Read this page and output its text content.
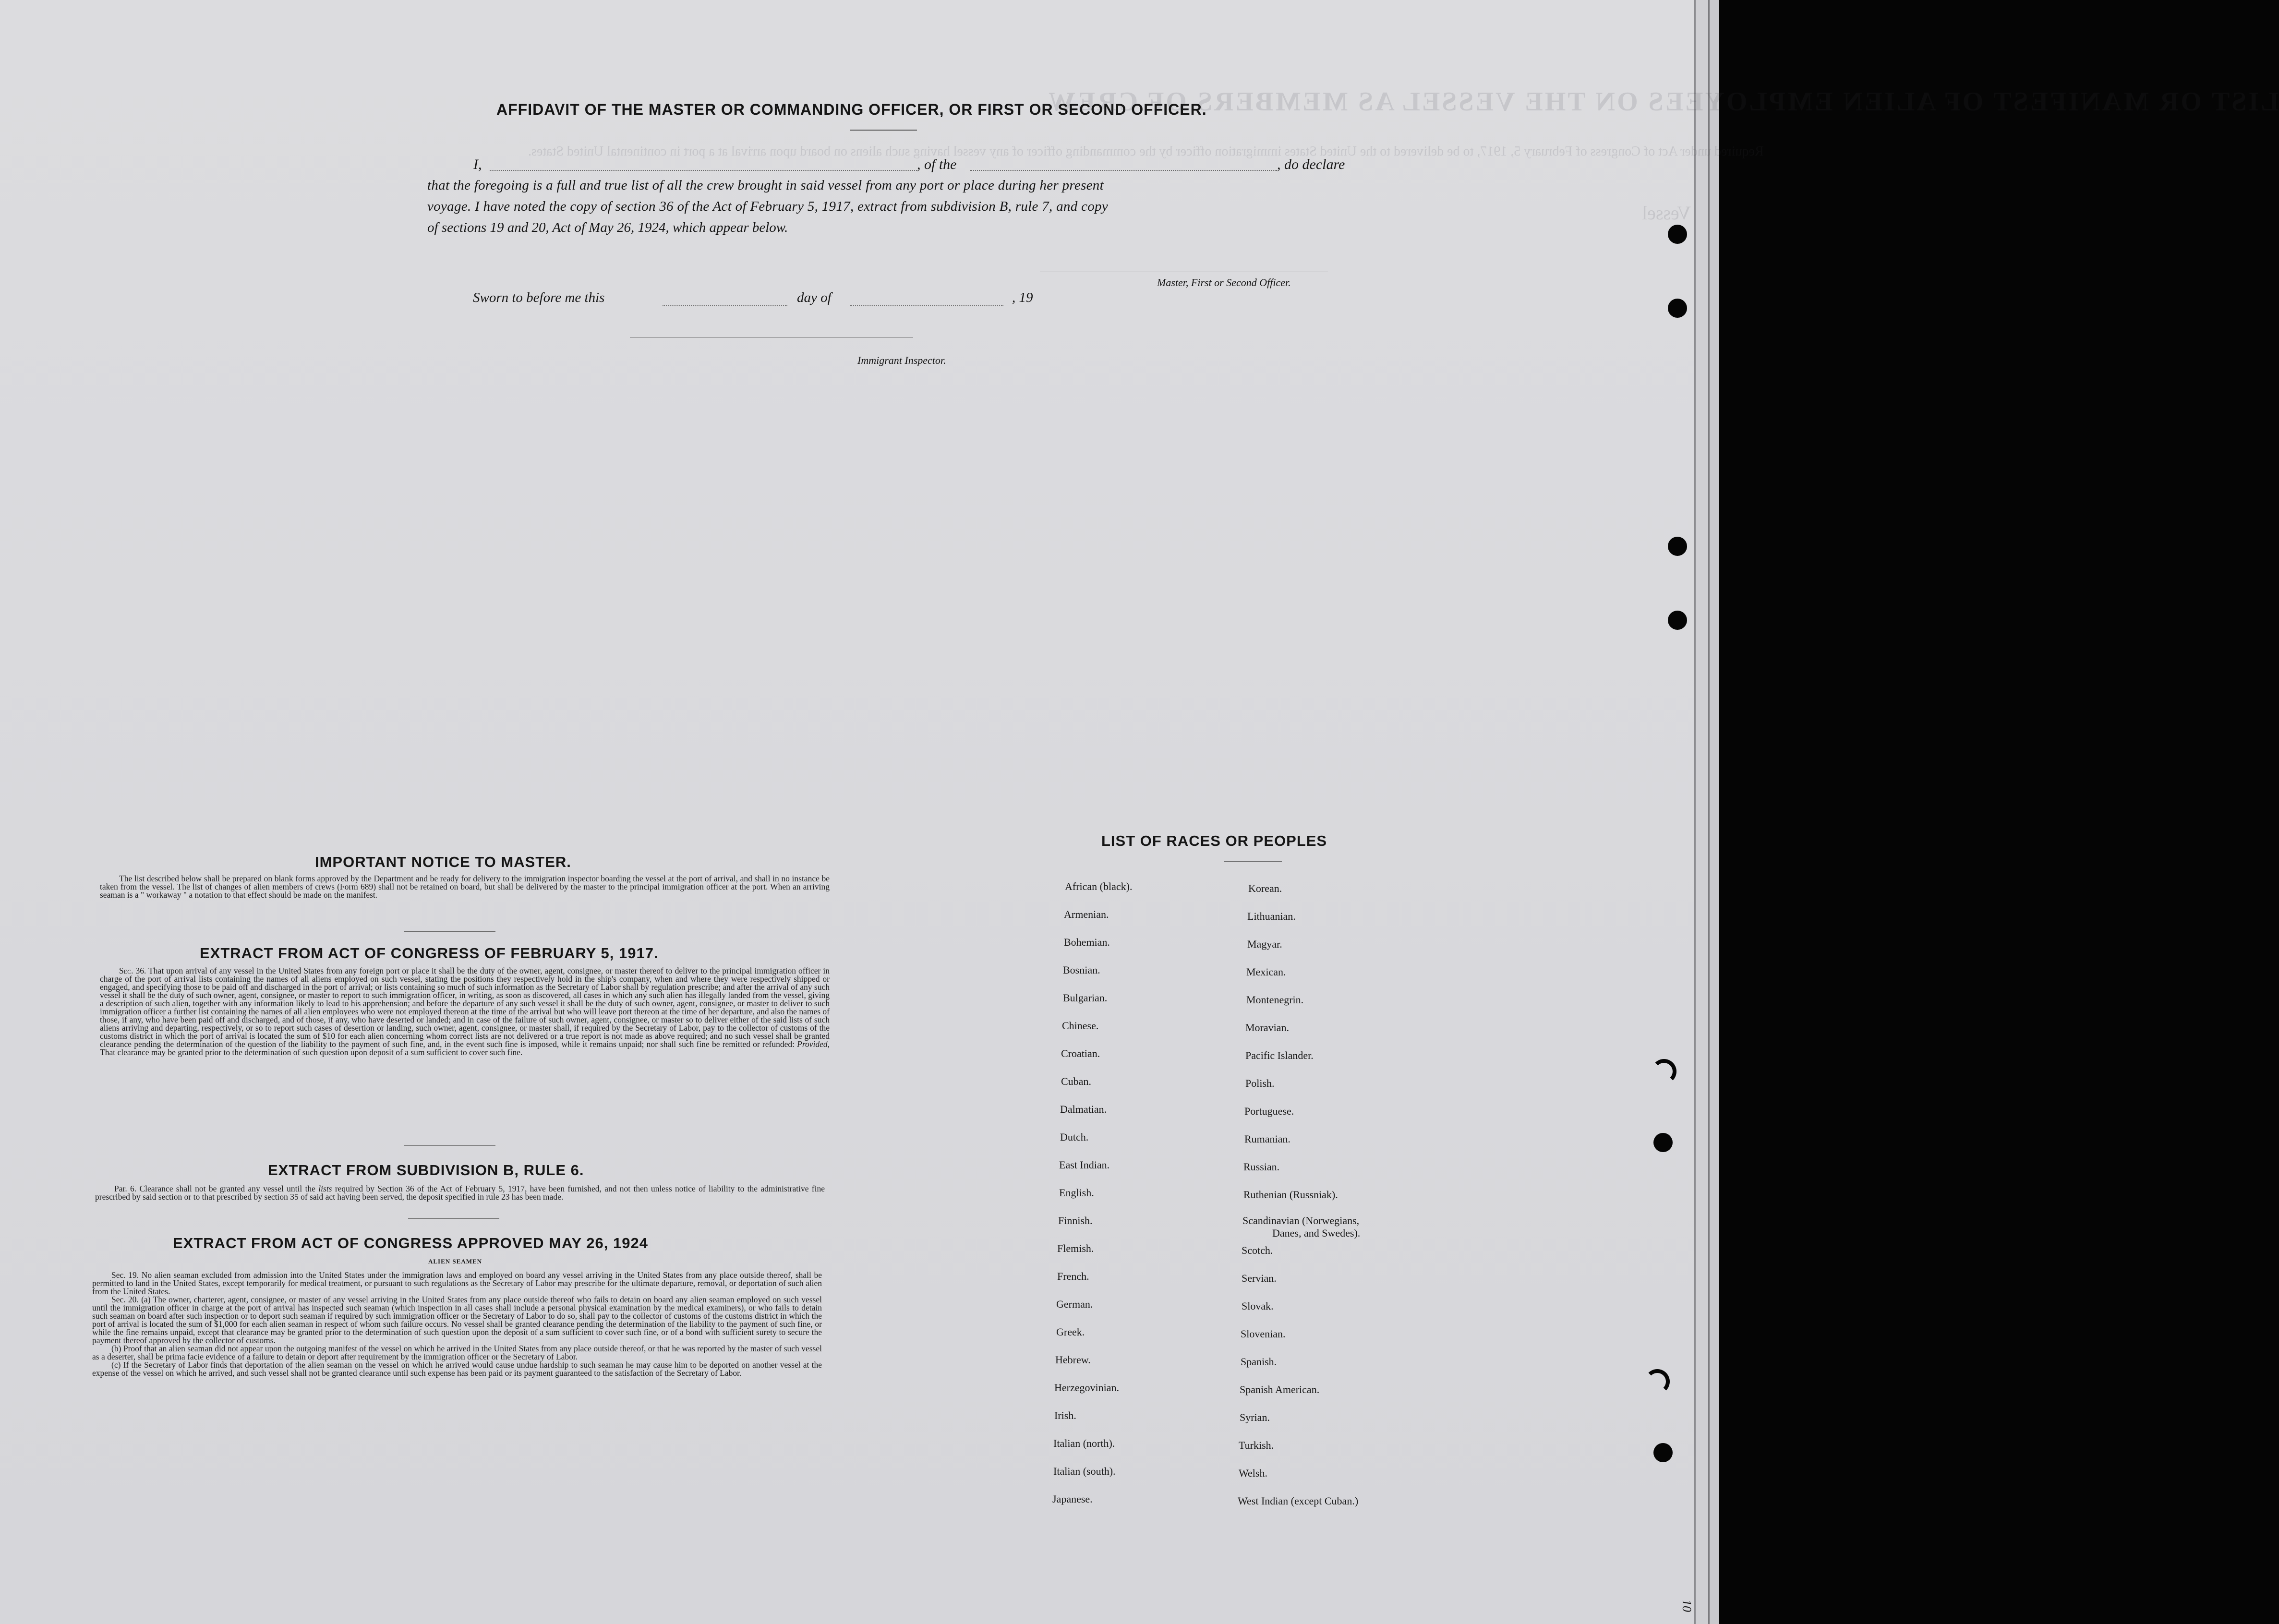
LIST OR MANIFEST OF ALIEN EMPLOYEES ON THE VESSEL AS MEMBERS OF CREW
Required under Act of Congress of February 5, 1917, to be delivered to the United States immigration officer by the commanding officer of any vessel having such aliens on board upon arrival at a port in continental United States.
Vessel
AFFIDAVIT OF THE MASTER OR COMMANDING OFFICER, OR FIRST OR SECOND OFFICER.
I,	, of the	, do declare
that the foregoing is a full and true list of all the crew brought in said vessel from any port or place during her present
voyage. I have noted the copy of section 36 of the Act of February 5, 1917, extract from subdivision B, rule 7, and copy
of sections 19 and 20, Act of May 26, 1924, which appear below.
Master, First or Second Officer.
Sworn to before me this	day of	, 19
Immigrant Inspector.
IMPORTANT NOTICE TO MASTER.

The list described below shall be prepared on blank forms approved by the Department and be ready for delivery to the immigration inspector boarding the vessel at the port of arrival, and shall in no instance be taken from the vessel. The list of changes of alien members of crews (Form 689) shall not be retained on board, but shall be delivered by the master to the principal immigration officer at the port. When an arriving seaman is a " workaway " a notation to that effect should be made on the manifest.

EXTRACT FROM ACT OF CONGRESS OF FEBRUARY 5, 1917.

Sec. 36. That upon arrival of any vessel in the United States from any foreign port or place it shall be the duty of the owner, agent, consignee, or master thereof to deliver to the principal immigration officer in charge of the port of arrival lists containing the names of all aliens employed on such vessel, stating the positions they respectively hold in the ship's company, when and where they were respectively shipped or engaged, and specifying those to be paid off and discharged in the port of arrival; or lists containing so much of such information as the Secretary of Labor shall by regulation prescribe; and after the arrival of any such vessel it shall be the duty of such owner, agent, consignee, or master to report to such immigration officer, in writing, as soon as discovered, all cases in which any such alien has illegally landed from the vessel, giving a description of such alien, together with any information likely to lead to his apprehension; and before the departure of any such vessel it shall be the duty of such owner, agent, consignee, or master to deliver to such immigration officer a further list containing the names of all alien employees who were not employed thereon at the time of the arrival but who will leave port thereon at the time of her departure, and also the names of those, if any, who have been paid off and discharged, and of those, if any, who have deserted or landed; and in case of the failure of such owner, agent, consignee, or master so to deliver either of the said lists of such aliens arriving and departing, respectively, or so to report such cases of desertion or landing, such owner, agent, consignee, or master shall, if required by the Secretary of Labor, pay to the collector of customs of the customs district in which the port of arrival is located the sum of $10 for each alien concerning whom correct lists are not delivered or a true report is not made as above required; and no such vessel shall be granted clearance pending the determination of the question of the liability to the payment of such fine, and, in the event such fine is imposed, while it remains unpaid; nor shall such fine be remitted or refunded: Provided, That clearance may be granted prior to the determination of such question upon deposit of a sum sufficient to cover such fine.

EXTRACT FROM SUBDIVISION B, RULE 6.

Par. 6. Clearance shall not be granted any vessel until the lists required by Section 36 of the Act of February 5, 1917, have been furnished, and not then unless notice of liability to the administrative fine prescribed by said section or to that prescribed by section 35 of said act having been served, the deposit specified in rule 23 has been made.

EXTRACT FROM ACT OF CONGRESS APPROVED MAY 26, 1924
ALIEN SEAMEN

Sec. 19. No alien seaman excluded from admission into the United States under the immigration laws and employed on board any vessel arriving in the United States from any place outside thereof, shall be permitted to land in the United States, except temporarily for medical treatment, or pursuant to such regulations as the Secretary of Labor may prescribe for the ultimate departure, removal, or deportation of such alien from the United States.

Sec. 20. (a) The owner, charterer, agent, consignee, or master of any vessel arriving in the United States from any place outside thereof who fails to detain on board any alien seaman employed on such vessel until the immigration officer in charge at the port of arrival has inspected such seaman (which inspection in all cases shall include a personal physical examination by the medical examiners), or who fails to detain such seaman on board after such inspection or to deport such seaman if required by such immigration officer or the Secretary of Labor to do so, shall pay to the collector of customs of the customs district in which the port of arrival is located the sum of $1,000 for each alien seaman in respect of whom such failure occurs. No vessel shall be granted clearance pending the determination of the liability to the payment of such fine, or while the fine remains unpaid, except that clearance may be granted prior to the determination of such question upon the deposit of a sum sufficient to cover such fine, or of a bond with sufficient surety to secure the payment thereof approved by the collector of customs.

(b) Proof that an alien seaman did not appear upon the outgoing manifest of the vessel on which he arrived in the United States from any place outside thereof, or that he was reported by the master of such vessel as a deserter, shall be prima facie evidence of a failure to detain or deport after requirement by the immigration officer or the Secretary of Labor.

(c) If the Secretary of Labor finds that deportation of the alien seaman on the vessel on which he arrived would cause undue hardship to such seaman he may cause him to be deported on another vessel at the expense of the vessel on which he arrived, and such vessel shall not be granted clearance until such expense has been paid or its payment guaranteed to the satisfaction of the Secretary of Labor.

LIST OF RACES OR PEOPLES
African (black).
Armenian.
Bohemian.
Bosnian.
Bulgarian.
Chinese.
Croatian.
Cuban.
Dalmatian.
Dutch.
East Indian.
English.
Finnish.
Flemish.
French.
German.
Greek.
Hebrew.
Herzegovinian.
Irish.
Italian (north).
Italian (south).
Japanese.
Korean.
Lithuanian.
Magyar.
Mexican.
Montenegrin.
Moravian.
Pacific Islander.
Polish.
Portuguese.
Rumanian.
Russian.
Ruthenian (Russniak).
Scandinavian (Norwegians,
Danes, and Swedes).
Scotch.
Servian.
Slovak.
Slovenian.
Spanish.
Spanish American.
Syrian.
Turkish.
Welsh.
West Indian (except Cuban.)
10
